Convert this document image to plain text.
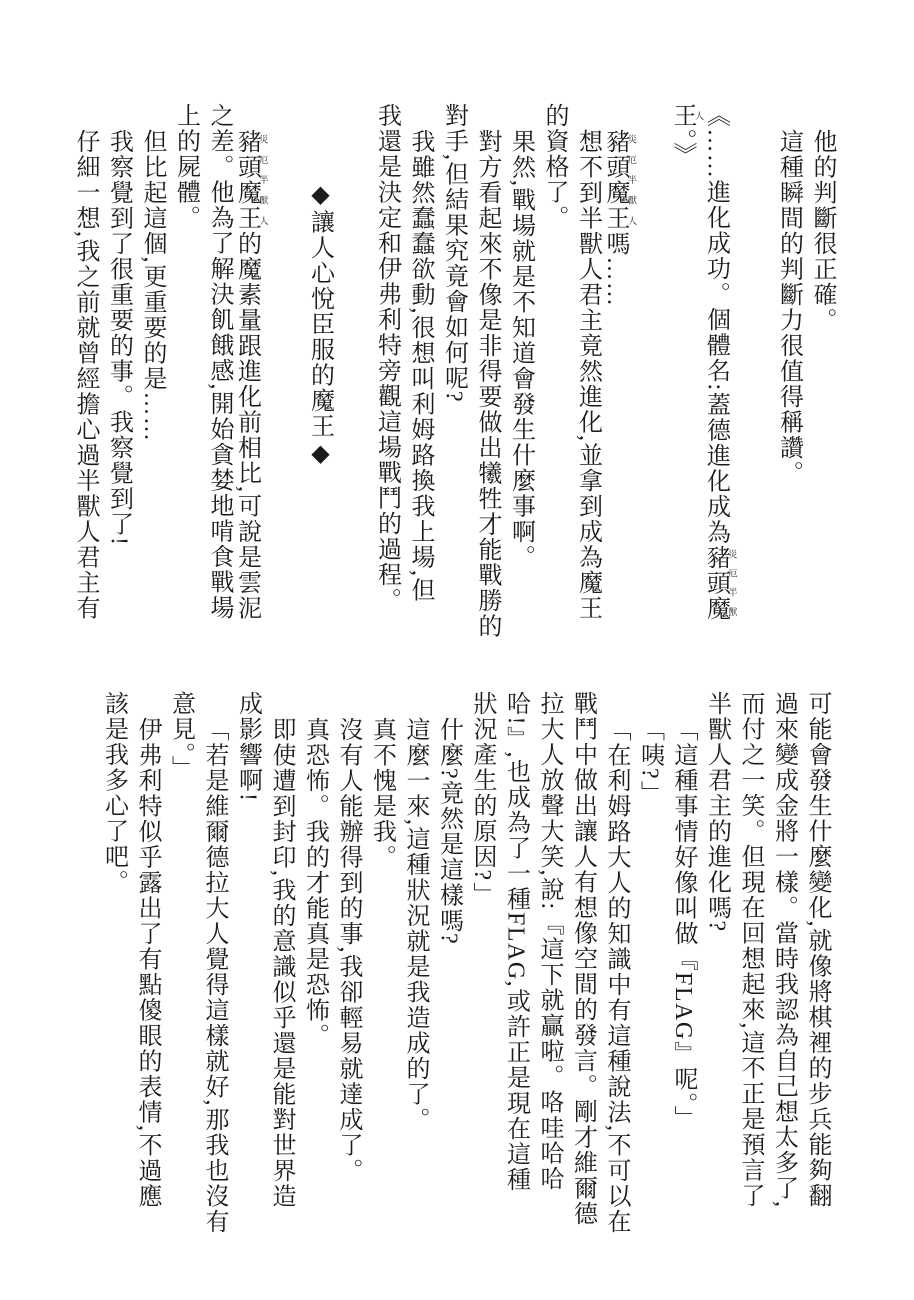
他的判斷很正確。
這種瞬間的判斷力很值得稱讚。
《……進化成功。個體名:蓋德進化成為豬頭魔 災厄半獸
王 人。》
豬頭魔王 災厄半獸人嗎……
想不到半獸人君主竟然進化,並拿到成為魔王
的資格了。
果然,戰場就是不知道會發生什麼事啊。
對方看起來不像是非得要做出犧牲才能戰勝的
對手,但結果究竟會如何呢?
我雖然蠢蠢欲動,很想叫利姆路換我上場,但
我還是決定和伊弗利特旁觀這場戰鬥的過程。
◆讓人心悅臣服的魔王◆
豬頭魔王 災厄半獸人的魔素量跟進化前相比,可說是雲泥
之差。他為了解決飢餓感,開始貪婪地啃食戰場
上的屍體。
但比起這個,更重要的是……
我察覺到了很重要的事。我察覺到了!
仔細一想,我之前就曾經擔心過半獸人君主有
可能會發生什麼變化,就像將棋裡的步兵能夠翻
過來變成金將一樣。當時我認為自己想太多了,
而付之一笑。但現在回想起來,這不正是預言了
半獸人君主的進化嗎?
「這種事情好像叫做『FLAG』呢。」
「咦?」
「在利姆路大人的知識中有這種說法,不可以在
戰鬥中做出讓人有想像空間的發言。剛才維爾德
拉大人放聲大笑,說:『這下就贏啦。咯哇哈哈
哈!』,也成為了一種FLAG,或許正是現在這種
狀況產生的原因?」
什麼?竟然是這樣嗎?
這麼一來,這種狀況就是我造成的了。
真不愧是我。
沒有人能辦得到的事,我卻輕易就達成了。
真恐怖。我的才能真是恐怖。
即使遭到封印,我的意識似乎還是能對世界造
成影響啊!
「若是維爾德拉大人覺得這樣就好,那我也沒有
意見。」
伊弗利特似乎露出了有點傻眼的表情,不過應
該是我多心了吧。
